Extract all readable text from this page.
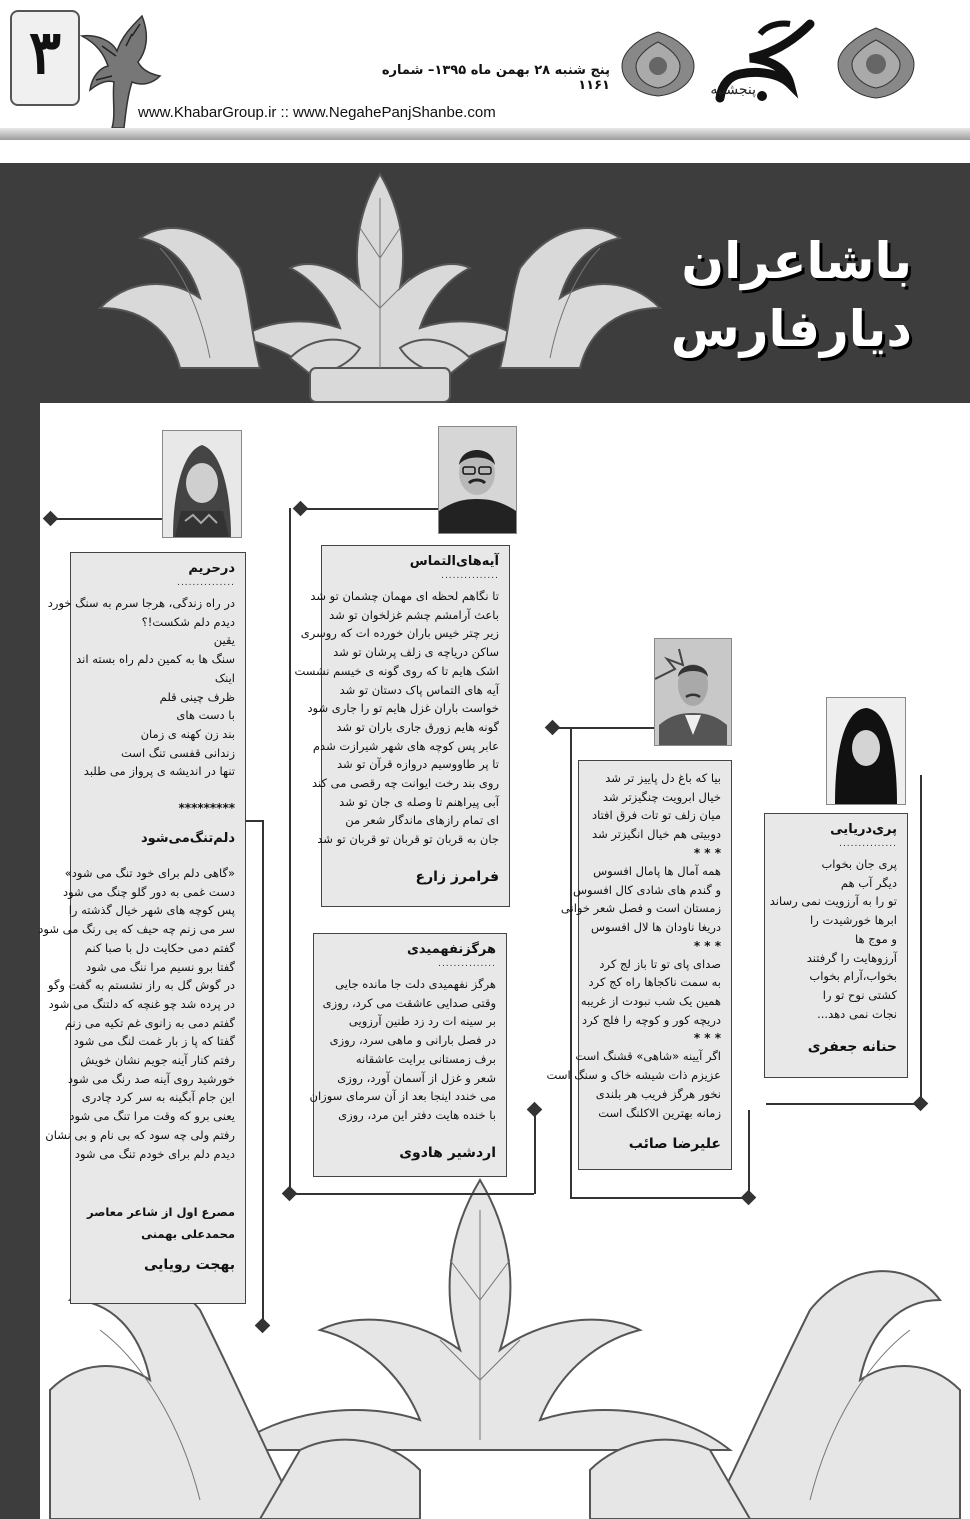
۳	پنج شنبه ۲۸ بهمن ماه ۱۳۹۵– شماره ۱۱۶۱
www.KhabarGroup.ir :: www.NegahePanjShanbe.com	نگاه
پنجشنبه
باشاعران
دیارفارس
درحریم
...............
در راه زندگی، هرجا سرم به سنگ خورد
دیدم دلم شکست!؟
یقین
سنگ ها به کمین دلم راه بسته اند
اینک
ظرف چینی قلم
با دست های
بند زن کهنه ی زمان
زندانی قفسی تنگ است
تنها در اندیشه ی پرواز می طلبد
*********
دلم‌تنگ‌می‌شود
«گاهی دلم برای خود تنگ می شود»
دست غمی به دور گلو چنگ می شود
پس کوچه های شهر خیال گذشته را
سر می زنم چه حیف که بی رنگ می شود
گفتم دمی حکایت دل با صبا کنم
گفتا برو نسیم مرا ننگ می شود
در گوش گل به راز نشستم به گفت وگو
در پرده شد چو غنچه که دلتنگ می شود
گفتم دمی به زانوی غم تکیه می زنم
گفتا که پا ز بار غمت لنگ می شود
رفتم کنار آینه جویم نشان خویش
خورشید روی آینه صد رنگ می شود
این جام آبگینه به سر کرد چادری
یعنی برو که وقت مرا تنگ می شود
رفتم ولی چه سود که بی نام و بی نشان
دیدم دلم برای خودم تنگ می شود
مصرع اول از شاعر معاصر
محمدعلی بهمنی
بهجت رویایی
آیه‌های‌التماس
...............
تا نگاهم لحظه ای مهمان چشمان تو شد
باعث آرامشم چشم غزلخوان تو شد
زیر چتر خیس باران خورده ات که روسری
ساکن دریاچه ی زلف پرشان تو شد
اشک هایم تا که روی گونه ی خیسم نشست
آیه های التماس پاک دستان تو شد
خواست باران غزل هایم تو را جاری شود
گونه هایم زورق جاری باران تو شد
عابر پس کوچه های شهر شیرازت شدم
تا پر طاووسیم دروازه قرآن تو شد
روی بند رخت ایوانت چه رقصی می کند
آبی پیراهنم تا وصله ی جان تو شد
ای تمام رازهای ماندگار شعر من
جان به قربان تو قربان تو قربان تو شد
فرامرز زارع
هرگزنفهمیدی
...............
هرگز نفهمیدی دلت جا مانده جایی
وقتی صدایی عاشقت می کرد، روزی
بر سینه ات رد زد طنین آرزویی
در فصل بارانی و ماهی سرد، روزی
برف زمستانی برایت عاشقانه
شعر و غزل از آسمان آورد، روزی
می خندد اینجا بعد از آن سرمای سوزان
با خنده هایت دفتر این مرد، روزی
اردشیر هادوی
بیا که باغ دل پاییز تر شد
خیال ابرویت چنگیزتر شد
میان زلف تو تات فرق افتاد
دوبیتی هم خیال انگیزتر شد
* * *
همه آمال ها پامال افسوس
و گندم های شادی کال افسوس
زمستان است و فصل شعر خوانی
دریغا ناودان ها لال افسوس
* * *
صدای پای تو تا باز لج کرد
به سمت ناکجاها راه کج کرد
همین یک شب نبودت از غریبه
دریچه کور و کوچه را فلج کرد
* * *
اگر آیینه «شاهی» قشنگ است
عزیزم ذات شیشه خاک و سنگ است
نخور هرگز فریب هر بلندی
زمانه بهترین الاکلنگ است
علیرضا صائب
پری‌دریایی
...............
پری جان بخواب
دیگر آب هم
تو را به آرزویت نمی رساند
ابرها خورشیدت را
و موج ها
آرزوهایت را گرفتند
بخواب،آرام بخواب
کشتی نوح تو را
نجات نمی دهد...
حنانه جعفری
